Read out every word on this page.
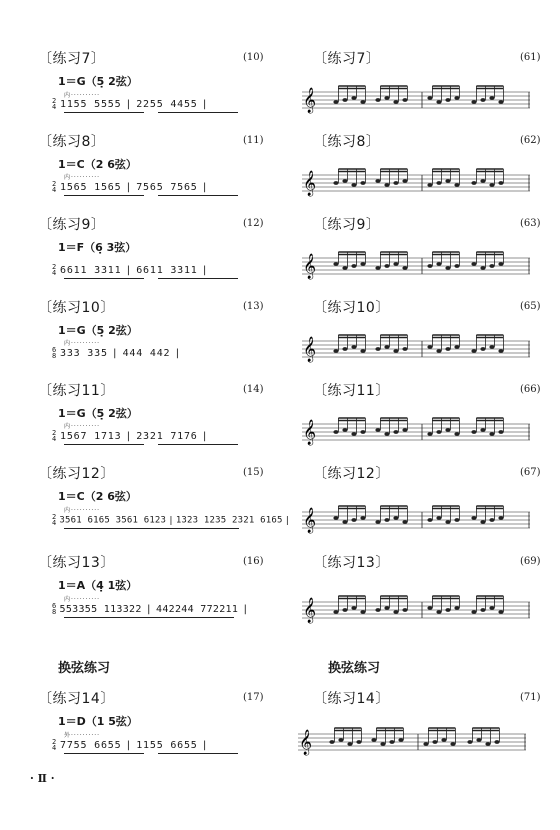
〔练习7〕	(10)
1＝G（5̣ 2弦）
内··········
2
4 1155 5555 | 2255 4455 |
〔练习8〕	(11)
1＝C（2 6弦）
内··········
2
4 1565 1565 | 7565 7565 |
〔练习9〕	(12)
1＝F（6̣ 3弦）
2
4 6611 3311 | 6611 3311 |
〔练习10〕	(13)
1＝G（5̣ 2弦）
内··········
6
8 333 335 | 444 442 |
〔练习11〕	(14)
1＝G（5̣ 2弦）
内··········
2
4 1567 1713 | 2321 7176 |
〔练习12〕	(15)
1＝C（2 6弦）
内··········
2
4 3561 6165 3561 6123 | 1323 1235 2321 6165 |
〔练习13〕	(16)
1＝A（4̣ 1弦）
内··········
6
8 553355 113322 | 442244 772211 |
换弦练习
〔练习14〕	(17)
1＝D（1 5弦）
外··········
2
4 7755 6655 | 1155 6655 |
· Ⅱ ·
〔练习7〕	(61)
𝄞
〔练习8〕	(62)
𝄞
〔练习9〕	(63)
𝄞
〔练习10〕	(65)
𝄞
〔练习11〕	(66)
𝄞
〔练习12〕	(67)
𝄞
〔练习13〕	(69)
𝄞
换弦练习
〔练习14〕	(71)
𝄞
